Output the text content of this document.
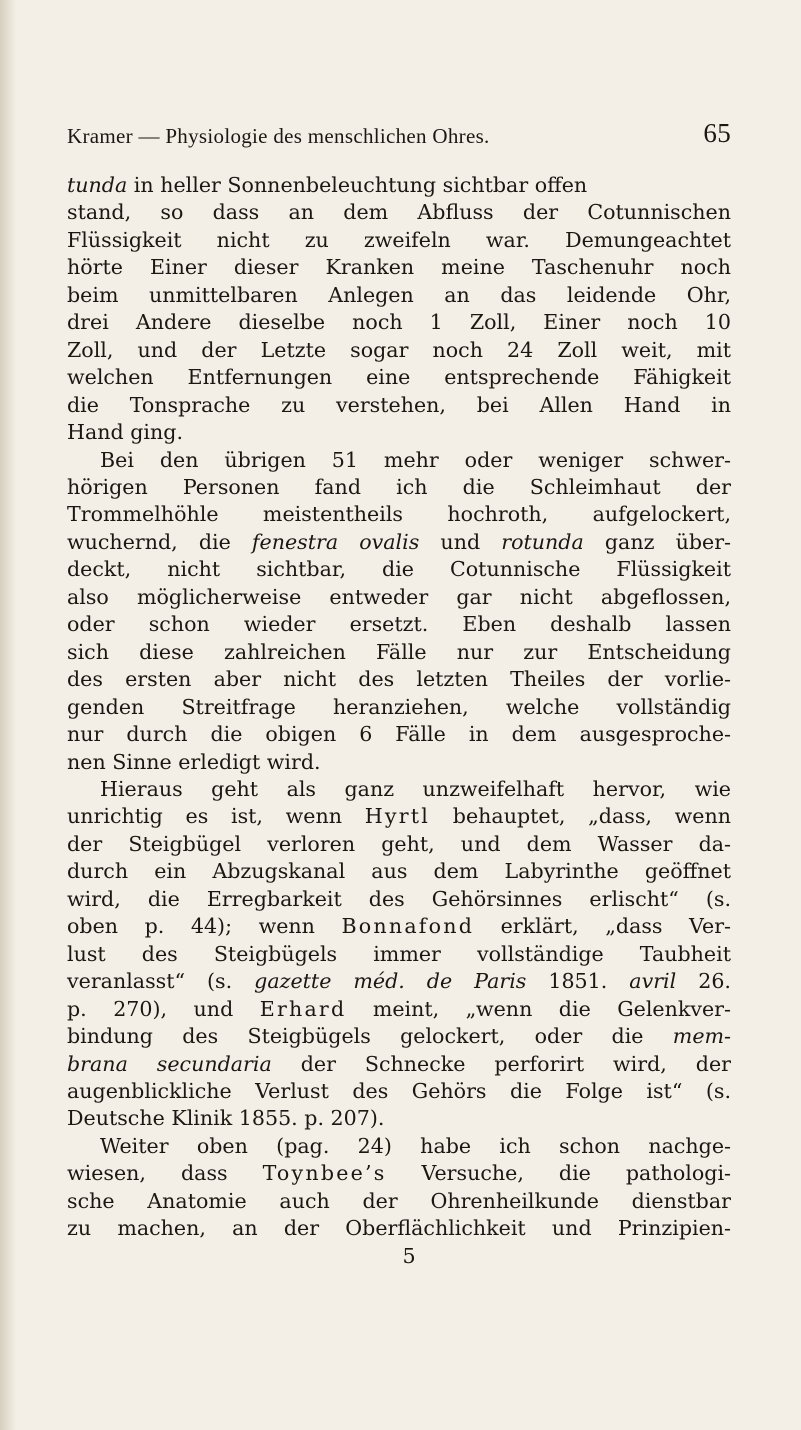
Kramer — Physiologie des menschlichen Ohres.	65
tunda in heller Sonnenbeleuchtung sichtbar offen
stand, so dass an dem Abfluss der Cotunnischen
Flüssigkeit nicht zu zweifeln war. Demungeachtet
hörte Einer dieser Kranken meine Taschenuhr noch
beim unmittelbaren Anlegen an das leidende Ohr,
drei Andere dieselbe noch 1 Zoll, Einer noch 10
Zoll, und der Letzte sogar noch 24 Zoll weit, mit
welchen Entfernungen eine entsprechende Fähigkeit
die Tonsprache zu verstehen, bei Allen Hand in
Hand ging.
Bei den übrigen 51 mehr oder weniger schwer-
hörigen Personen fand ich die Schleimhaut der
Trommelhöhle meistentheils hochroth, aufgelockert,
wuchernd, die fenestra ovalis und rotunda ganz über-
deckt, nicht sichtbar, die Cotunnische Flüssigkeit
also möglicherweise entweder gar nicht abgeflossen,
oder schon wieder ersetzt. Eben deshalb lassen
sich diese zahlreichen Fälle nur zur Entscheidung
des ersten aber nicht des letzten Theiles der vorlie-
genden Streitfrage heranziehen, welche vollständig
nur durch die obigen 6 Fälle in dem ausgesproche-
nen Sinne erledigt wird.
Hieraus geht als ganz unzweifelhaft hervor, wie
unrichtig es ist, wenn Hyrtl behauptet, „dass, wenn
der Steigbügel verloren geht, und dem Wasser da-
durch ein Abzugskanal aus dem Labyrinthe geöffnet
wird, die Erregbarkeit des Gehörsinnes erlischt“ (s.
oben p. 44); wenn Bonnafond erklärt, „dass Ver-
lust des Steigbügels immer vollständige Taubheit
veranlasst“ (s. gazette méd. de Paris 1851. avril 26.
p. 270), und Erhard meint, „wenn die Gelenkver-
bindung des Steigbügels gelockert, oder die mem-
brana secundaria der Schnecke perforirt wird, der
augenblickliche Verlust des Gehörs die Folge ist“ (s.
Deutsche Klinik 1855. p. 207).
Weiter oben (pag. 24) habe ich schon nachge-
wiesen, dass Toynbee’s Versuche, die pathologi-
sche Anatomie auch der Ohrenheilkunde dienstbar
zu machen, an der Oberflächlichkeit und Prinzipien-
5
